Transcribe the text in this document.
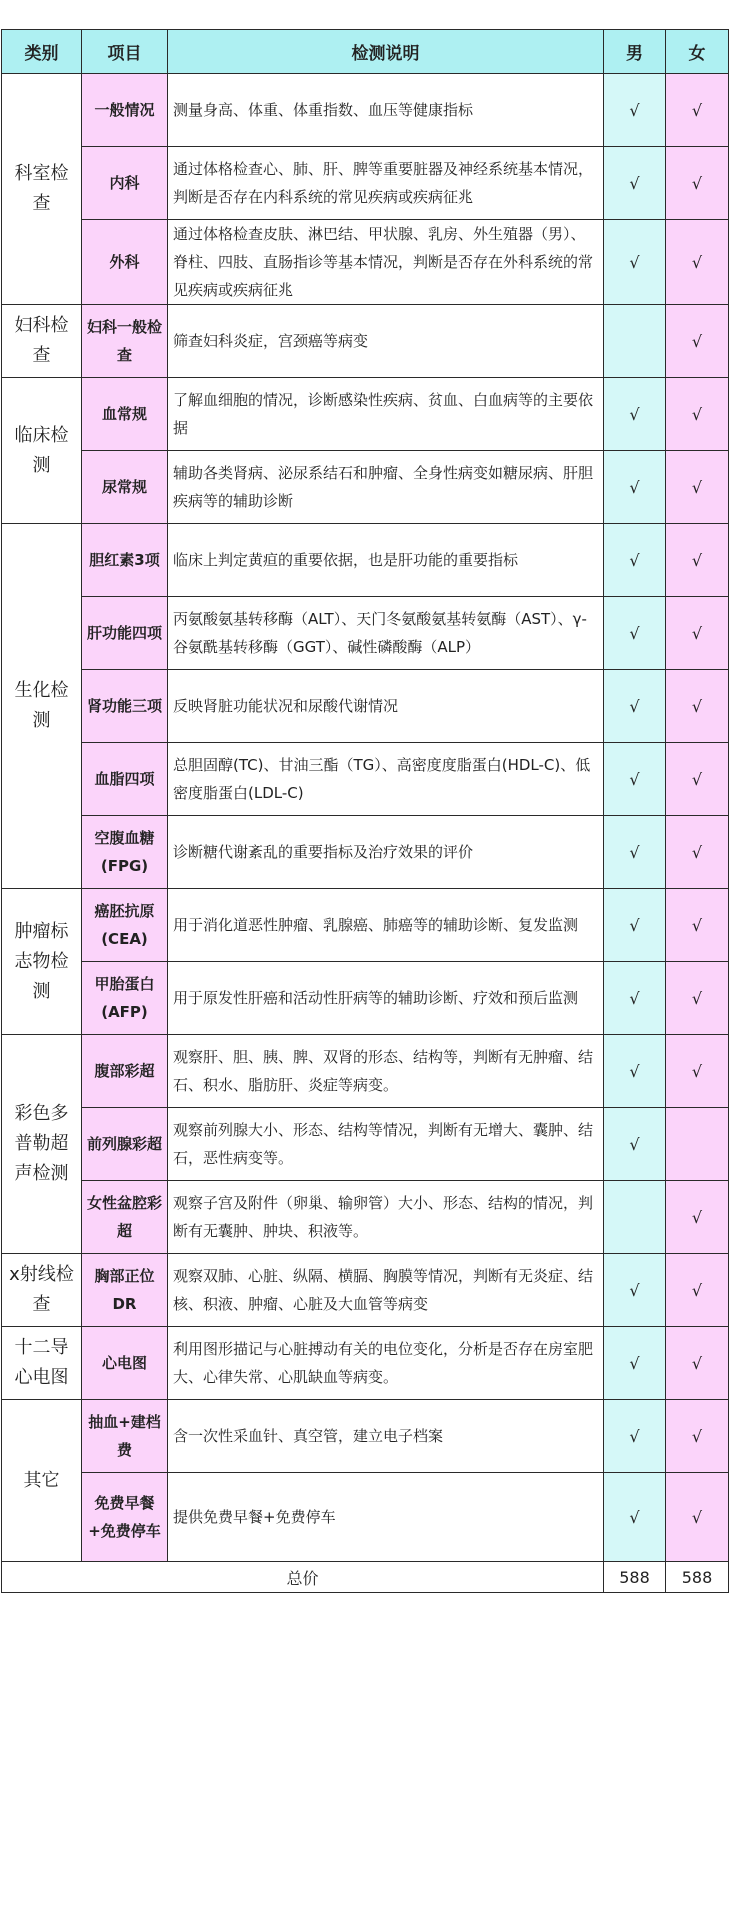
类别	项目	检测说明	男	女
科室检查	一般情况	测量身高、体重、体重指数、血压等健康指标	√	√
	内科	通过体格检查心、肺、肝、脾等重要脏器及神经系统基本情况，判断是否存在内科系统的常见疾病或疾病征兆	√	√
	外科	通过体格检查皮肤、淋巴结、甲状腺、乳房、外生殖器（男）、脊柱、四肢、直肠指诊等基本情况，判断是否存在外科系统的常见疾病或疾病征兆	√	√
妇科检查	妇科一般检查	筛查妇科炎症，宫颈癌等病变		√
临床检测	血常规	了解血细胞的情况，诊断感染性疾病、贫血、白血病等的主要依据	√	√
	尿常规	辅助各类肾病、泌尿系结石和肿瘤、全身性病变如糖尿病、肝胆疾病等的辅助诊断	√	√
生化检测	胆红素3项	临床上判定黄疸的重要依据，也是肝功能的重要指标	√	√
	肝功能四项	丙氨酸氨基转移酶（ALT）、天门冬氨酸氨基转氨酶（AST）、γ-谷氨酰基转移酶（GGT）、碱性磷酸酶（ALP）	√	√
	肾功能三项	反映肾脏功能状况和尿酸代谢情况	√	√
	血脂四项	总胆固醇(TC)、甘油三酯（TG）、高密度度脂蛋白(HDL-C)、低密度脂蛋白(LDL-C)	√	√
	空腹血糖(FPG)	诊断糖代谢紊乱的重要指标及治疗效果的评价	√	√
肿瘤标志物检测	癌胚抗原(CEA)	用于消化道恶性肿瘤、乳腺癌、肺癌等的辅助诊断、复发监测	√	√
	甲胎蛋白(AFP)	用于原发性肝癌和活动性肝病等的辅助诊断、疗效和预后监测	√	√
彩色多普勒超声检测	腹部彩超	观察肝、胆、胰、脾、双肾的形态、结构等，判断有无肿瘤、结石、积水、脂肪肝、炎症等病变。	√	√
	前列腺彩超	观察前列腺大小、形态、结构等情况，判断有无增大、囊肿、结石，恶性病变等。	√	
	女性盆腔彩超	观察子宫及附件（卵巢、输卵管）大小、形态、结构的情况，判断有无囊肿、肿块、积液等。		√
x射线检查	胸部正位DR	观察双肺、心脏、纵隔、横膈、胸膜等情况，判断有无炎症、结核、积液、肿瘤、心脏及大血管等病变	√	√
十二导心电图	心电图	利用图形描记与心脏搏动有关的电位变化，分析是否存在房室肥大、心律失常、心肌缺血等病变。	√	√
其它	抽血+建档费	含一次性采血针、真空管，建立电子档案	√	√
	免费早餐+免费停车	提供免费早餐+免费停车	√	√
总价			588	588
